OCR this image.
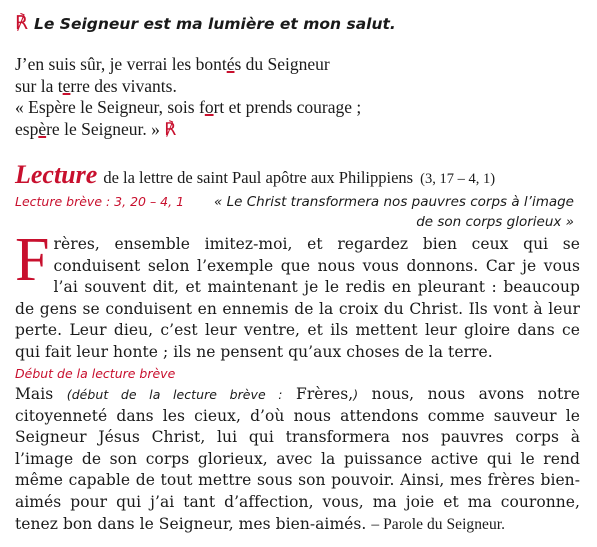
℟ Le Seigneur est ma lumière et mon salut.
J’en suis sûr, je verrai les bontés du Seigneur
sur la terre des vivants.
« Espère le Seigneur, sois fort et prends courage ;
espère le Seigneur. » ℟
Lecture de la lettre de saint Paul apôtre aux Philippiens (3, 17 – 4, 1)
Lecture brève : 3, 20 – 4, 1 « Le Christ transformera nos pauvres corps à l’image de son corps glorieux »
Frères, ensemble imitez-moi, et regardez bien ceux qui se conduisent selon l’exemple que nous vous donnons. Car je vous l’ai souvent dit, et maintenant je le redis en pleurant : beaucoup de gens se conduisent en ennemis de la croix du Christ. Ils vont à leur perte. Leur dieu, c’est leur ventre, et ils mettent leur gloire dans ce qui fait leur honte ; ils ne pensent qu’aux choses de la terre.
Début de la lecture brève
Mais (début de la lecture brève : Frères,) nous, nous avons notre citoyenneté dans les cieux, d’où nous attendons comme sauveur le Seigneur Jésus Christ, lui qui transformera nos pauvres corps à l’image de son corps glorieux, avec la puissance active qui le rend même capable de tout mettre sous son pouvoir. Ainsi, mes frères bien-aimés pour qui j’ai tant d’affection, vous, ma joie et ma couronne, tenez bon dans le Seigneur, mes bien-aimés. – Parole du Seigneur.
